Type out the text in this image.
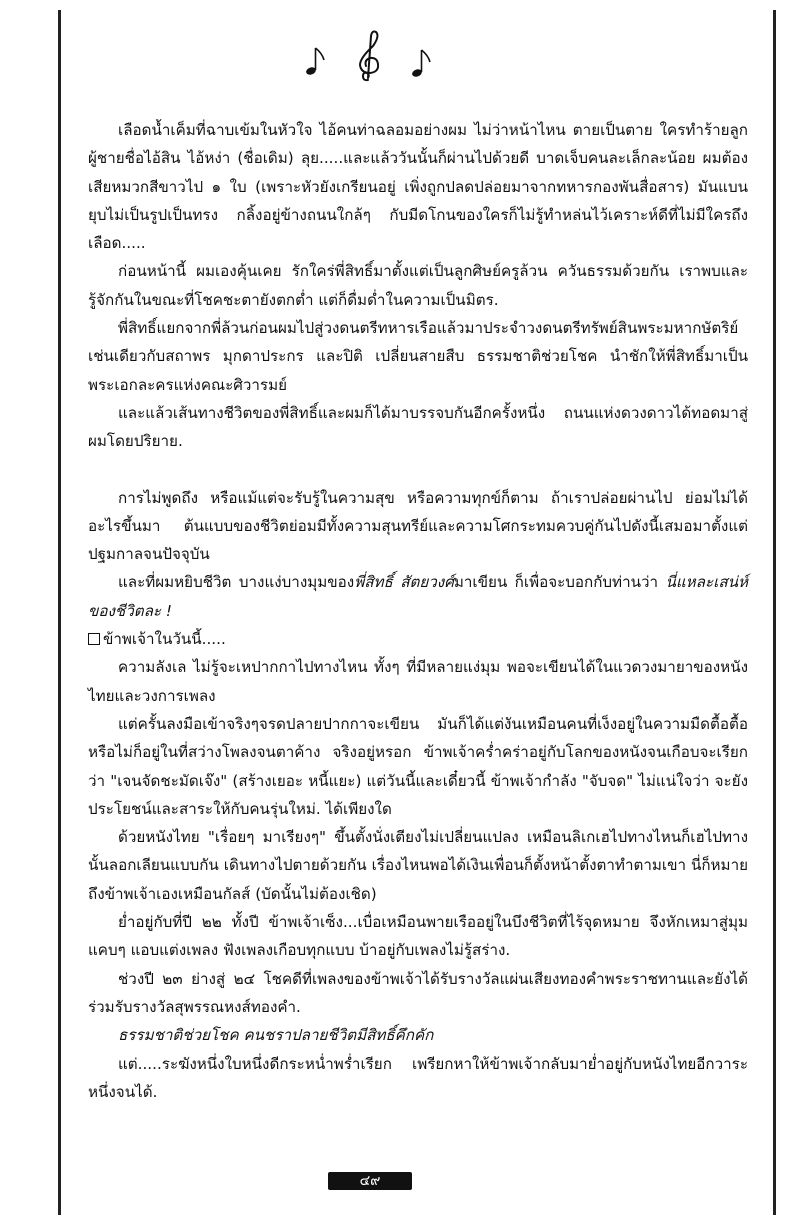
เลือดน้ำเค็มที่ฉาบเข้มในหัวใจ ไอ้คนท่าฉลอมอย่างผม ไม่ว่าหน้าไหน ตายเป็นตาย ใครทำร้ายลูกผู้ชายชื่อไอ้สิน ไอ้หง่า (ชื่อเดิม) ลุย.....และแล้ววันนั้นก็ผ่านไปด้วยดี บาดเจ็บคนละเล็กละน้อย ผมต้องเสียหมวกสีขาวไป ๑ ใบ (เพราะหัวยังเกรียนอยู่ เพิ่งถูกปลดปล่อยมาจากทหารกองพันสื่อสาร) มันแบนยุบไม่เป็นรูปเป็นทรง กลิ้งอยู่ข้างถนนใกล้ๆ กับมีดโกนของใครก็ไม่รู้ทำหล่นไว้เคราะห์ดีที่ไม่มีใครถึงเลือด.....

ก่อนหน้านี้ ผมเองคุ้นเคย รักใคร่พี่สิทธิ์มาตั้งแต่เป็นลูกศิษย์ครูล้วน ควันธรรมด้วยกัน เราพบและรู้จักกันในขณะที่โชคชะตายังตกต่ำ แต่ก็ดื่มด่ำในความเป็นมิตร.

พี่สิทธิ์แยกจากพี่ล้วนก่อนผมไปสู่วงดนตรีทหารเรือแล้วมาประจำวงดนตรีทรัพย์สินพระมหากษัตริย์ เช่นเดียวกับสถาพร มุกดาประกร และปิติ เปลี่ยนสายสืบ ธรรมชาติช่วยโชค นำชักให้พี่สิทธิ์มาเป็นพระเอกละครแห่งคณะศิวารมย์

และแล้วเส้นทางชีวิตของพี่สิทธิ์และผมก็ได้มาบรรจบกันอีกครั้งหนึ่ง ถนนแห่งดวงดาวได้ทอดมาสู่ผมโดยปริยาย.

การไม่พูดถึง หรือแม้แต่จะรับรู้ในความสุข หรือความทุกข์ก็ตาม ถ้าเราปล่อยผ่านไป ย่อมไม่ได้อะไรขึ้นมา ต้นแบบของชีวิตย่อมมีทั้งความสุนทรีย์และความโศกระทมควบคู่กันไปดังนี้เสมอมาตั้งแต่ปฐมกาลจนปัจจุบัน

และที่ผมหยิบชีวิต บางแง่บางมุมของพี่สิทธิ์ สัตยวงศ์มาเขียน ก็เพื่อจะบอกกับท่านว่า นี่แหละเสน่ห์ของชีวิตละ !

ข้าพเจ้าในวันนี้.....

ความลังเล ไม่รู้จะเหปากกาไปทางไหน ทั้งๆ ที่มีหลายแง่มุม พอจะเขียนได้ในแวดวงมายาของหนังไทยและวงการเพลง

แต่ครั้นลงมือเข้าจริงๆจรดปลายปากกาจะเขียน มันก็ได้แต่งันเหมือนคนที่เง็งอยู่ในความมืดตื้อตื้อ หรือไม่ก็อยู่ในที่สว่างโพลงจนตาค้าง จริงอยู่หรอก ข้าพเจ้าคร่ำคร่าอยู่กับโลกของหนังจนเกือบจะเรียกว่า "เจนจัดชะมัดเจ๊ง" (สร้างเยอะ หนี้แยะ) แต่วันนี้และเดี๋ยวนี้ ข้าพเจ้ากำลัง "จับจด" ไม่แน่ใจว่า จะยังประโยชน์และสาระให้กับคนรุ่นใหม่. ได้เพียงใด

ด้วยหนังไทย "เรื่อยๆ มาเรียงๆ" ขึ้นตั้งนั่งเตียงไม่เปลี่ยนแปลง เหมือนลิเกเฮไปทางไหนก็เฮไปทางนั้นลอกเลียนแบบกัน เดินทางไปตายด้วยกัน เรื่องไหนพอได้เงินเพื่อนก็ตั้งหน้าตั้งตาทำตามเขา นี่ก็หมายถึงข้าพเจ้าเองเหมือนกัลส์ (บัดนั้นไม่ต้องเชิด)

ย่ำอยู่กับที่ปี ๒๒ ทั้งปี ข้าพเจ้าเซ็ง...เบื่อเหมือนพายเรืออยู่ในบึงชีวิตที่ไร้จุดหมาย จึงหักเหมาสู่มุมแคบๆ แอบแต่งเพลง ฟังเพลงเกือบทุกแบบ บ้าอยู่กับเพลงไม่รู้สร่าง.

ช่วงปี ๒๓ ย่างสู่ ๒๔ โชคดีที่เพลงของข้าพเจ้าได้รับรางวัลแผ่นเสียงทองคำพระราชทานและยังได้ร่วมรับรางวัลสุพรรณหงส์ทองคำ.

ธรรมชาติช่วยโชค คนชราปลายชีวิตมีสิทธิ์คึกคัก

แต่.....ระฆังหนึ่งใบหนึ่งดีกระหน่ำพร่ำเรียก เพรียกหาให้ข้าพเจ้ากลับมาย่ำอยู่กับหนังไทยอีกวาระหนึ่งจนได้.

๔๙
